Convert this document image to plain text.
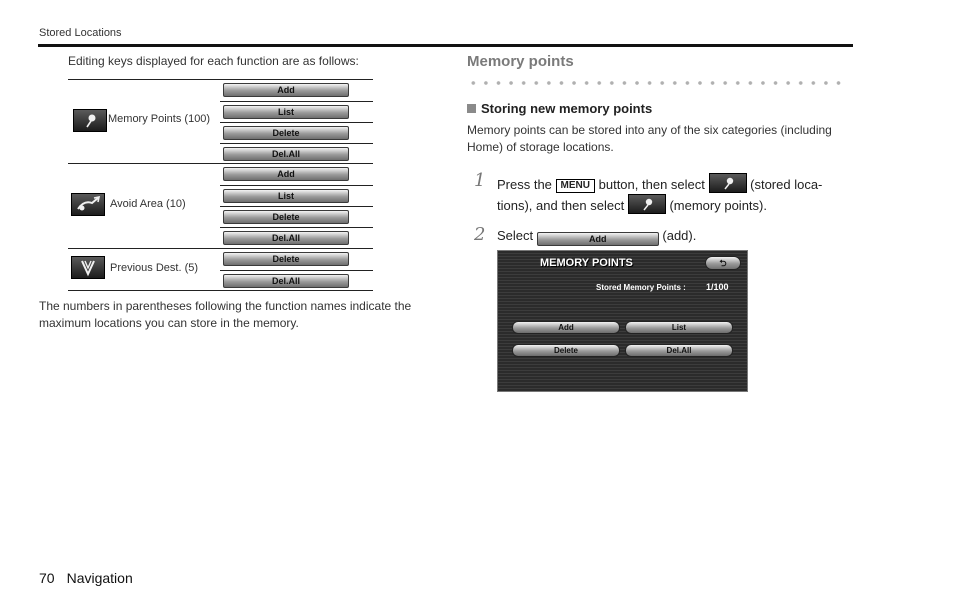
Stored Locations
Editing keys displayed for each function are as follows:
Memory Points (100)
Add
List
Delete
Del.All
Avoid Area (10)
Add
List
Delete
Del.All
Previous Dest. (5)
Delete
Del.All
The numbers in parentheses following the function names indicate the maximum locations you can store in the memory.
Memory points
Storing new memory points
Memory points can be stored into any of the six categories (including Home) of storage locations.
1 Press the MENU button, then select	(stored loca-tions), and then select	(memory points).
2 Select	Add	(add).
MEMORY POINTS	⮌
Stored Memory Points : 1/100
Add	List
Delete	Del.All
70 Navigation
